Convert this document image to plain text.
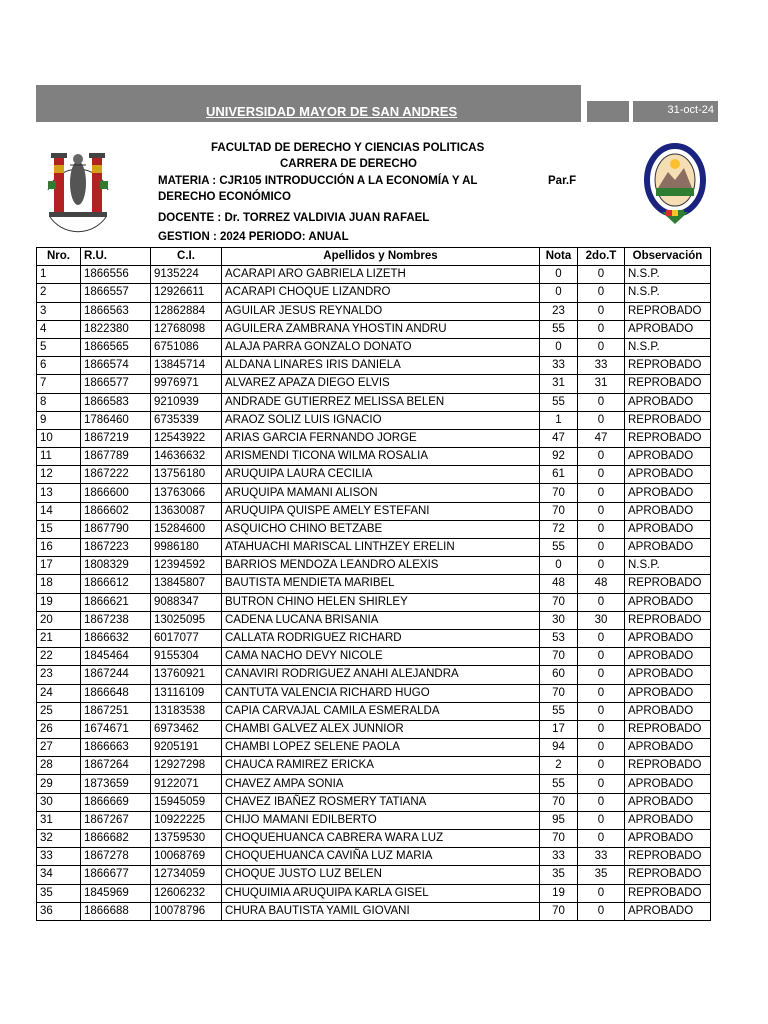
UNIVERSIDAD MAYOR DE SAN ANDRES	31-oct-24
FACULTAD DE DERECHO Y CIENCIAS POLITICAS
CARRERA DE DERECHO
MATERIA : CJR105 INTRODUCCIÓN A LA ECONOMÍA Y AL	Par.F
DERECHO ECONÓMICO
DOCENTE : Dr. TORREZ VALDIVIA JUAN RAFAEL
GESTION : 2024 PERIODO: ANUAL
Nro.	R.U.	C.I.	Apellidos y Nombres	Nota	2do.T	Observación
1	1866556	9135224	ACARAPI ARO GABRIELA LIZETH	0	0	N.S.P.
2	1866557	12926611	ACARAPI CHOQUE LIZANDRO	0	0	N.S.P.
3	1866563	12862884	AGUILAR JESUS REYNALDO	23	0	REPROBADO
4	1822380	12768098	AGUILERA ZAMBRANA YHOSTIN ANDRU	55	0	APROBADO
5	1866565	6751086	ALAJA PARRA GONZALO DONATO	0	0	N.S.P.
6	1866574	13845714	ALDANA LINARES IRIS DANIELA	33	33	REPROBADO
7	1866577	9976971	ALVAREZ APAZA DIEGO ELVIS	31	31	REPROBADO
8	1866583	9210939	ANDRADE GUTIERREZ MELISSA BELEN	55	0	APROBADO
9	1786460	6735339	ARAOZ SOLIZ LUIS IGNACIO	1	0	REPROBADO
10	1867219	12543922	ARIAS GARCIA FERNANDO JORGE	47	47	REPROBADO
11	1867789	14636632	ARISMENDI TICONA WILMA ROSALIA	92	0	APROBADO
12	1867222	13756180	ARUQUIPA LAURA CECILIA	61	0	APROBADO
13	1866600	13763066	ARUQUIPA MAMANI ALISON	70	0	APROBADO
14	1866602	13630087	ARUQUIPA QUISPE AMELY ESTEFANI	70	0	APROBADO
15	1867790	15284600	ASQUICHO CHINO BETZABE	72	0	APROBADO
16	1867223	9986180	ATAHUACHI MARISCAL LINTHZEY ERELIN	55	0	APROBADO
17	1808329	12394592	BARRIOS MENDOZA LEANDRO ALEXIS	0	0	N.S.P.
18	1866612	13845807	BAUTISTA MENDIETA MARIBEL	48	48	REPROBADO
19	1866621	9088347	BUTRON CHINO HELEN SHIRLEY	70	0	APROBADO
20	1867238	13025095	CADENA LUCANA BRISANIA	30	30	REPROBADO
21	1866632	6017077	CALLATA RODRIGUEZ RICHARD	53	0	APROBADO
22	1845464	9155304	CAMA NACHO DEVY NICOLE	70	0	APROBADO
23	1867244	13760921	CANAVIRI RODRIGUEZ ANAHI ALEJANDRA	60	0	APROBADO
24	1866648	13116109	CANTUTA VALENCIA RICHARD HUGO	70	0	APROBADO
25	1867251	13183538	CAPIA CARVAJAL CAMILA ESMERALDA	55	0	APROBADO
26	1674671	6973462	CHAMBI GALVEZ ALEX JUNNIOR	17	0	REPROBADO
27	1866663	9205191	CHAMBI LOPEZ SELENE PAOLA	94	0	APROBADO
28	1867264	12927298	CHAUCA RAMIREZ ERICKA	2	0	REPROBADO
29	1873659	9122071	CHAVEZ AMPA SONIA	55	0	APROBADO
30	1866669	15945059	CHAVEZ IBAÑEZ ROSMERY TATIANA	70	0	APROBADO
31	1867267	10922225	CHIJO MAMANI EDILBERTO	95	0	APROBADO
32	1866682	13759530	CHOQUEHUANCA CABRERA WARA LUZ	70	0	APROBADO
33	1867278	10068769	CHOQUEHUANCA CAVIÑA LUZ MARIA	33	33	REPROBADO
34	1866677	12734059	CHOQUE JUSTO LUZ BELEN	35	35	REPROBADO
35	1845969	12606232	CHUQUIMIA ARUQUIPA KARLA GISEL	19	0	REPROBADO
36	1866688	10078796	CHURA BAUTISTA YAMIL GIOVANI	70	0	APROBADO
